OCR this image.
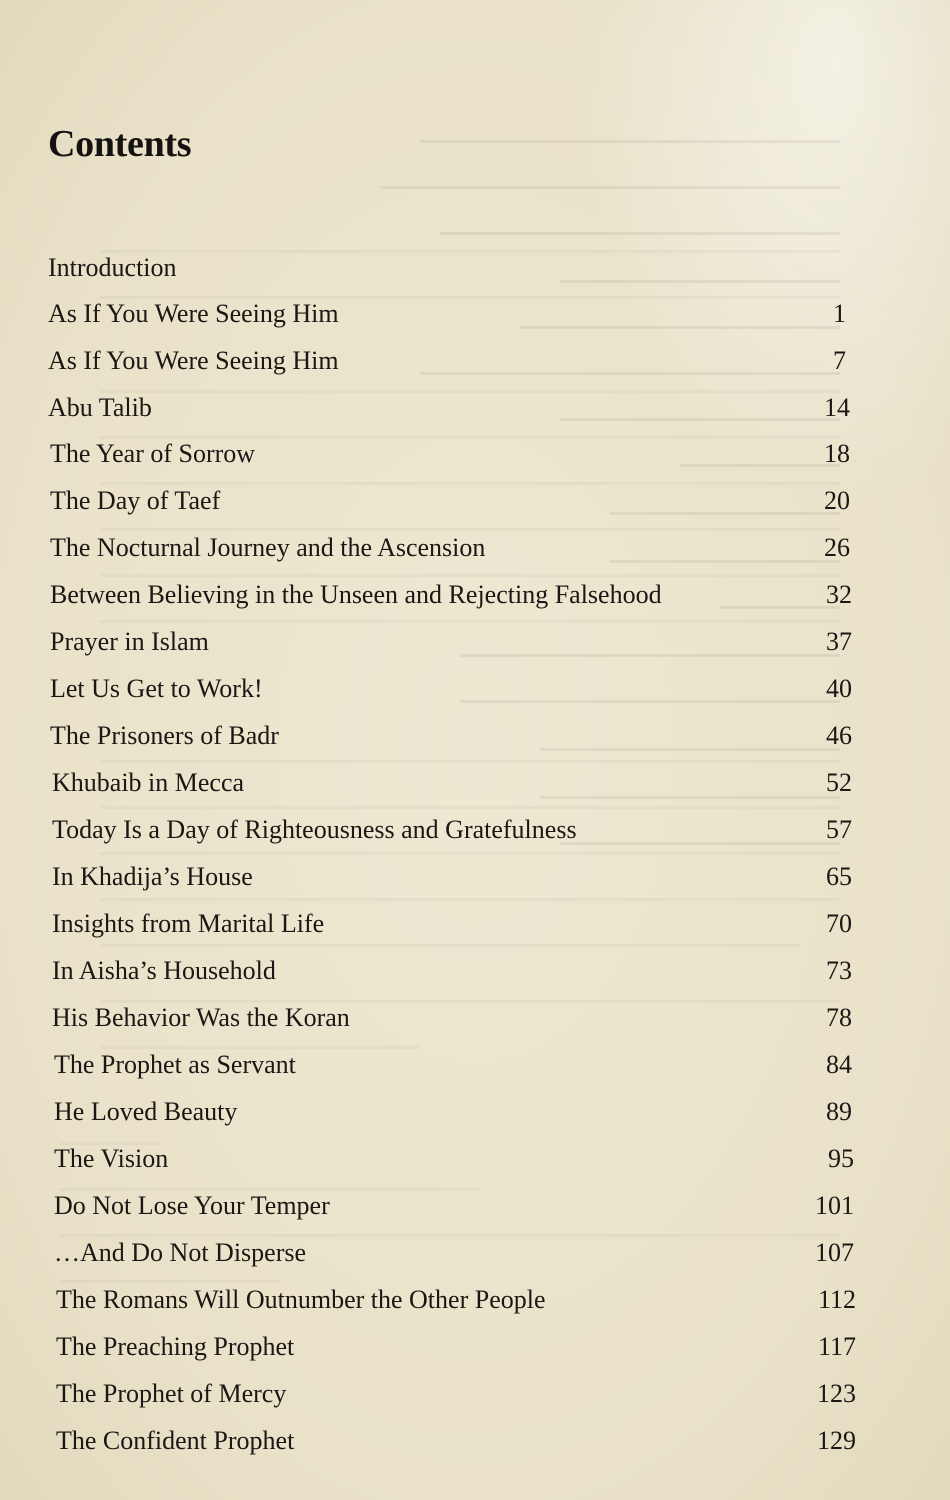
Contents
Introduction
As If You Were Seeing Him	1
As If You Were Seeing Him	7
Abu Talib	14
The Year of Sorrow	18
The Day of Taef	20
The Nocturnal Journey and the Ascension	26
Between Believing in the Unseen and Rejecting Falsehood	32
Prayer in Islam	37
Let Us Get to Work!	40
The Prisoners of Badr	46
Khubaib in Mecca	52
Today Is a Day of Righteousness and Gratefulness	57
In Khadija’s House	65
Insights from Marital Life	70
In Aisha’s Household	73
His Behavior Was the Koran	78
The Prophet as Servant	84
He Loved Beauty	89
The Vision	95
Do Not Lose Your Temper	101
…And Do Not Disperse	107
The Romans Will Outnumber the Other People	112
The Preaching Prophet	117
The Prophet of Mercy	123
The Confident Prophet	129
